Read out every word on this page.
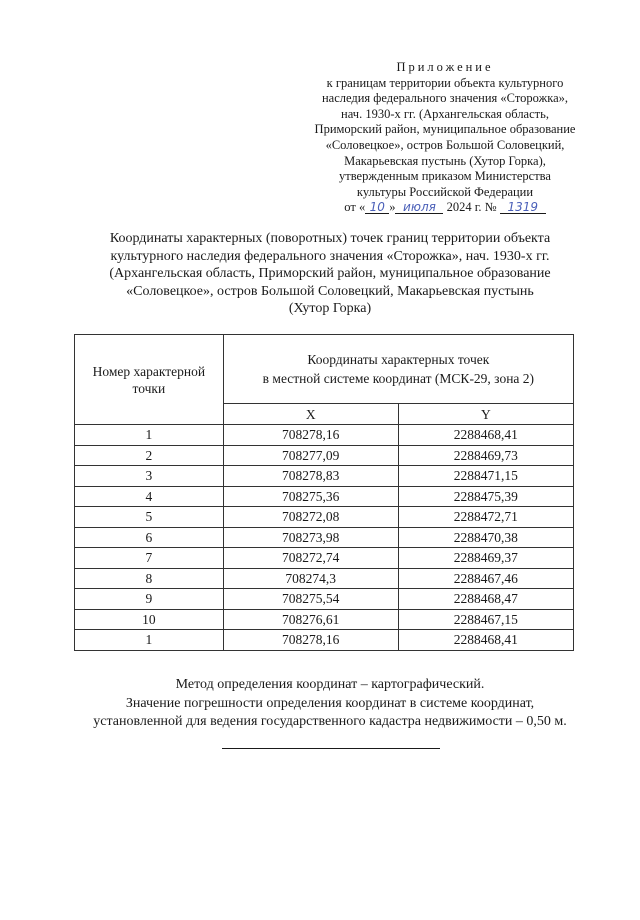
Приложение
к границам территории объекта культурного
наследия федерального значения «Сторожка»,
нач. 1930-х гг. (Архангельская область,
Приморский район, муниципальное образование
«Соловецкое», остров Большой Соловецкий,
Макарьевская пустынь (Хутор Горка),
утвержденным приказом Министерства
культуры Российской Федерации
от « 10 » июля 2024 г. № 1319
Координаты характерных (поворотных) точек границ территории объекта
культурного наследия федерального значения «Сторожка», нач. 1930-х гг.
(Архангельская область, Приморский район, муниципальное образование
«Соловецкое», остров Большой Соловецкий, Макарьевская пустынь
(Хутор Горка)
Номер характерной
точки	Координаты характерных точек
в местной системе координат (МСК-29, зона 2)	
	X	Y
1	708278,16	2288468,41
2	708277,09	2288469,73
3	708278,83	2288471,15
4	708275,36	2288475,39
5	708272,08	2288472,71
6	708273,98	2288470,38
7	708272,74	2288469,37
8	708274,3	2288467,46
9	708275,54	2288468,47
10	708276,61	2288467,15
1	708278,16	2288468,41
Метод определения координат – картографический.
Значение погрешности определения координат в системе координат,
установленной для ведения государственного кадастра недвижимости – 0,50 м.
